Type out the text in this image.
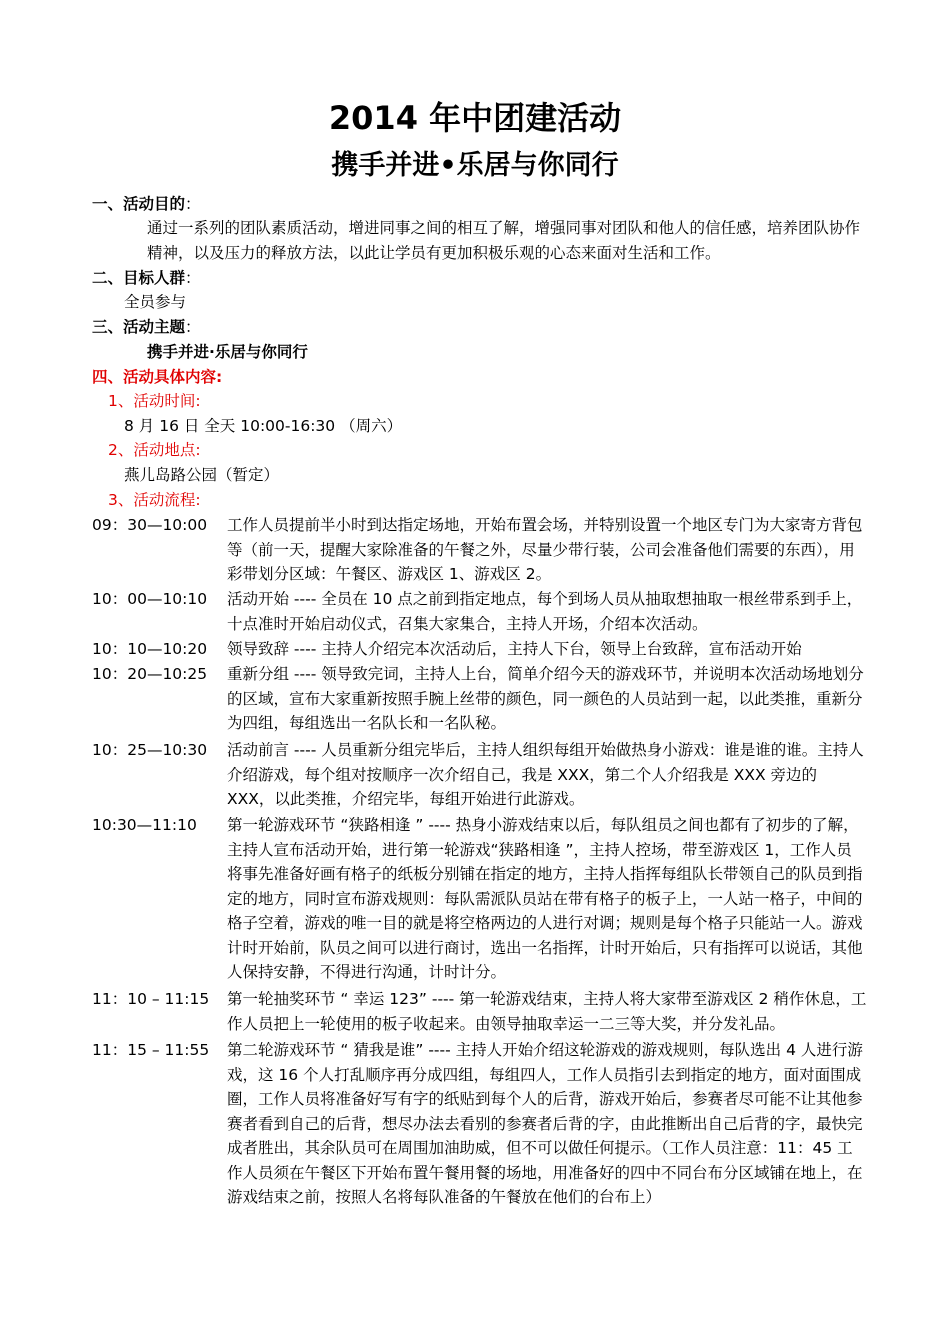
2014 年中团建活动
携手并进•乐居与你同行
一、活动目的：
通过一系列的团队素质活动，增进同事之间的相互了解，增强同事对团队和他人的信任感，培养团队协作精神，以及压力的释放方法，以此让学员有更加积极乐观的心态来面对生活和工作。
二、目标人群：
全员参与
三、活动主题：
携手并进·乐居与你同行
四、活动具体内容:
1、活动时间:
8 月 16 日 全天 10:00-16:30 （周六）
2、活动地点:
燕儿岛路公园（暂定）
3、活动流程:
09：30—10:00 工作人员提前半小时到达指定场地，开始布置会场，并特别设置一个地区专门为大家寄方背包等（前一天，提醒大家除准备的午餐之外，尽量少带行装，公司会准备他们需要的东西），用彩带划分区域：午餐区、游戏区 1、游戏区 2。
10：00—10:10 活动开始 ---- 全员在 10 点之前到指定地点，每个到场人员从抽取想抽取一根丝带系到手上，十点准时开始启动仪式，召集大家集合，主持人开场，介绍本次活动。
10：10—10:20 领导致辞 ---- 主持人介绍完本次活动后，主持人下台，领导上台致辞，宣布活动开始
10：20—10:25 重新分组 ---- 领导致完词，主持人上台，简单介绍今天的游戏环节，并说明本次活动场地划分的区域，宣布大家重新按照手腕上丝带的颜色，同一颜色的人员站到一起，以此类推，重新分为四组，每组选出一名队长和一名队秘。
10：25—10:30 活动前言 ---- 人员重新分组完毕后，主持人组织每组开始做热身小游戏：谁是谁的谁。主持人介绍游戏，每个组对按顺序一次介绍自己，我是 XXX，第二个人介绍我是 XXX 旁边的 XXX，以此类推，介绍完毕，每组开始进行此游戏。
10:30—11:10 第一轮游戏环节 “狭路相逢 ” ---- 热身小游戏结束以后，每队组员之间也都有了初步的了解，主持人宣布活动开始，进行第一轮游戏“狭路相逢 ”，主持人控场，带至游戏区 1，工作人员将事先准备好画有格子的纸板分别铺在指定的地方，主持人指挥每组队长带领自己的队员到指定的地方，同时宣布游戏规则：每队需派队员站在带有格子的板子上，一人站一格子，中间的格子空着，游戏的唯一目的就是将空格两边的人进行对调；规则是每个格子只能站一人。游戏计时开始前，队员之间可以进行商讨，选出一名指挥，计时开始后，只有指挥可以说话，其他人保持安静，不得进行沟通，计时计分。
11：10 – 11:15 第一轮抽奖环节 “ 幸运 123” ---- 第一轮游戏结束，主持人将大家带至游戏区 2 稍作休息，工作人员把上一轮使用的板子收起来。由领导抽取幸运一二三等大奖，并分发礼品。
11：15 – 11:55 第二轮游戏环节 “ 猜我是谁” ---- 主持人开始介绍这轮游戏的游戏规则，每队选出 4 人进行游戏，这 16 个人打乱顺序再分成四组，每组四人，工作人员指引去到指定的地方，面对面围成圈，工作人员将准备好写有字的纸贴到每个人的后背，游戏开始后，参赛者尽可能不让其他参赛者看到自己的后背，想尽办法去看别的参赛者后背的字，由此推断出自己后背的字，最快完成者胜出，其余队员可在周围加油助威，但不可以做任何提示。（工作人员注意：11：45 工作人员须在午餐区下开始布置午餐用餐的场地，用准备好的四中不同台布分区域铺在地上，在游戏结束之前，按照人名将每队准备的午餐放在他们的台布上）
